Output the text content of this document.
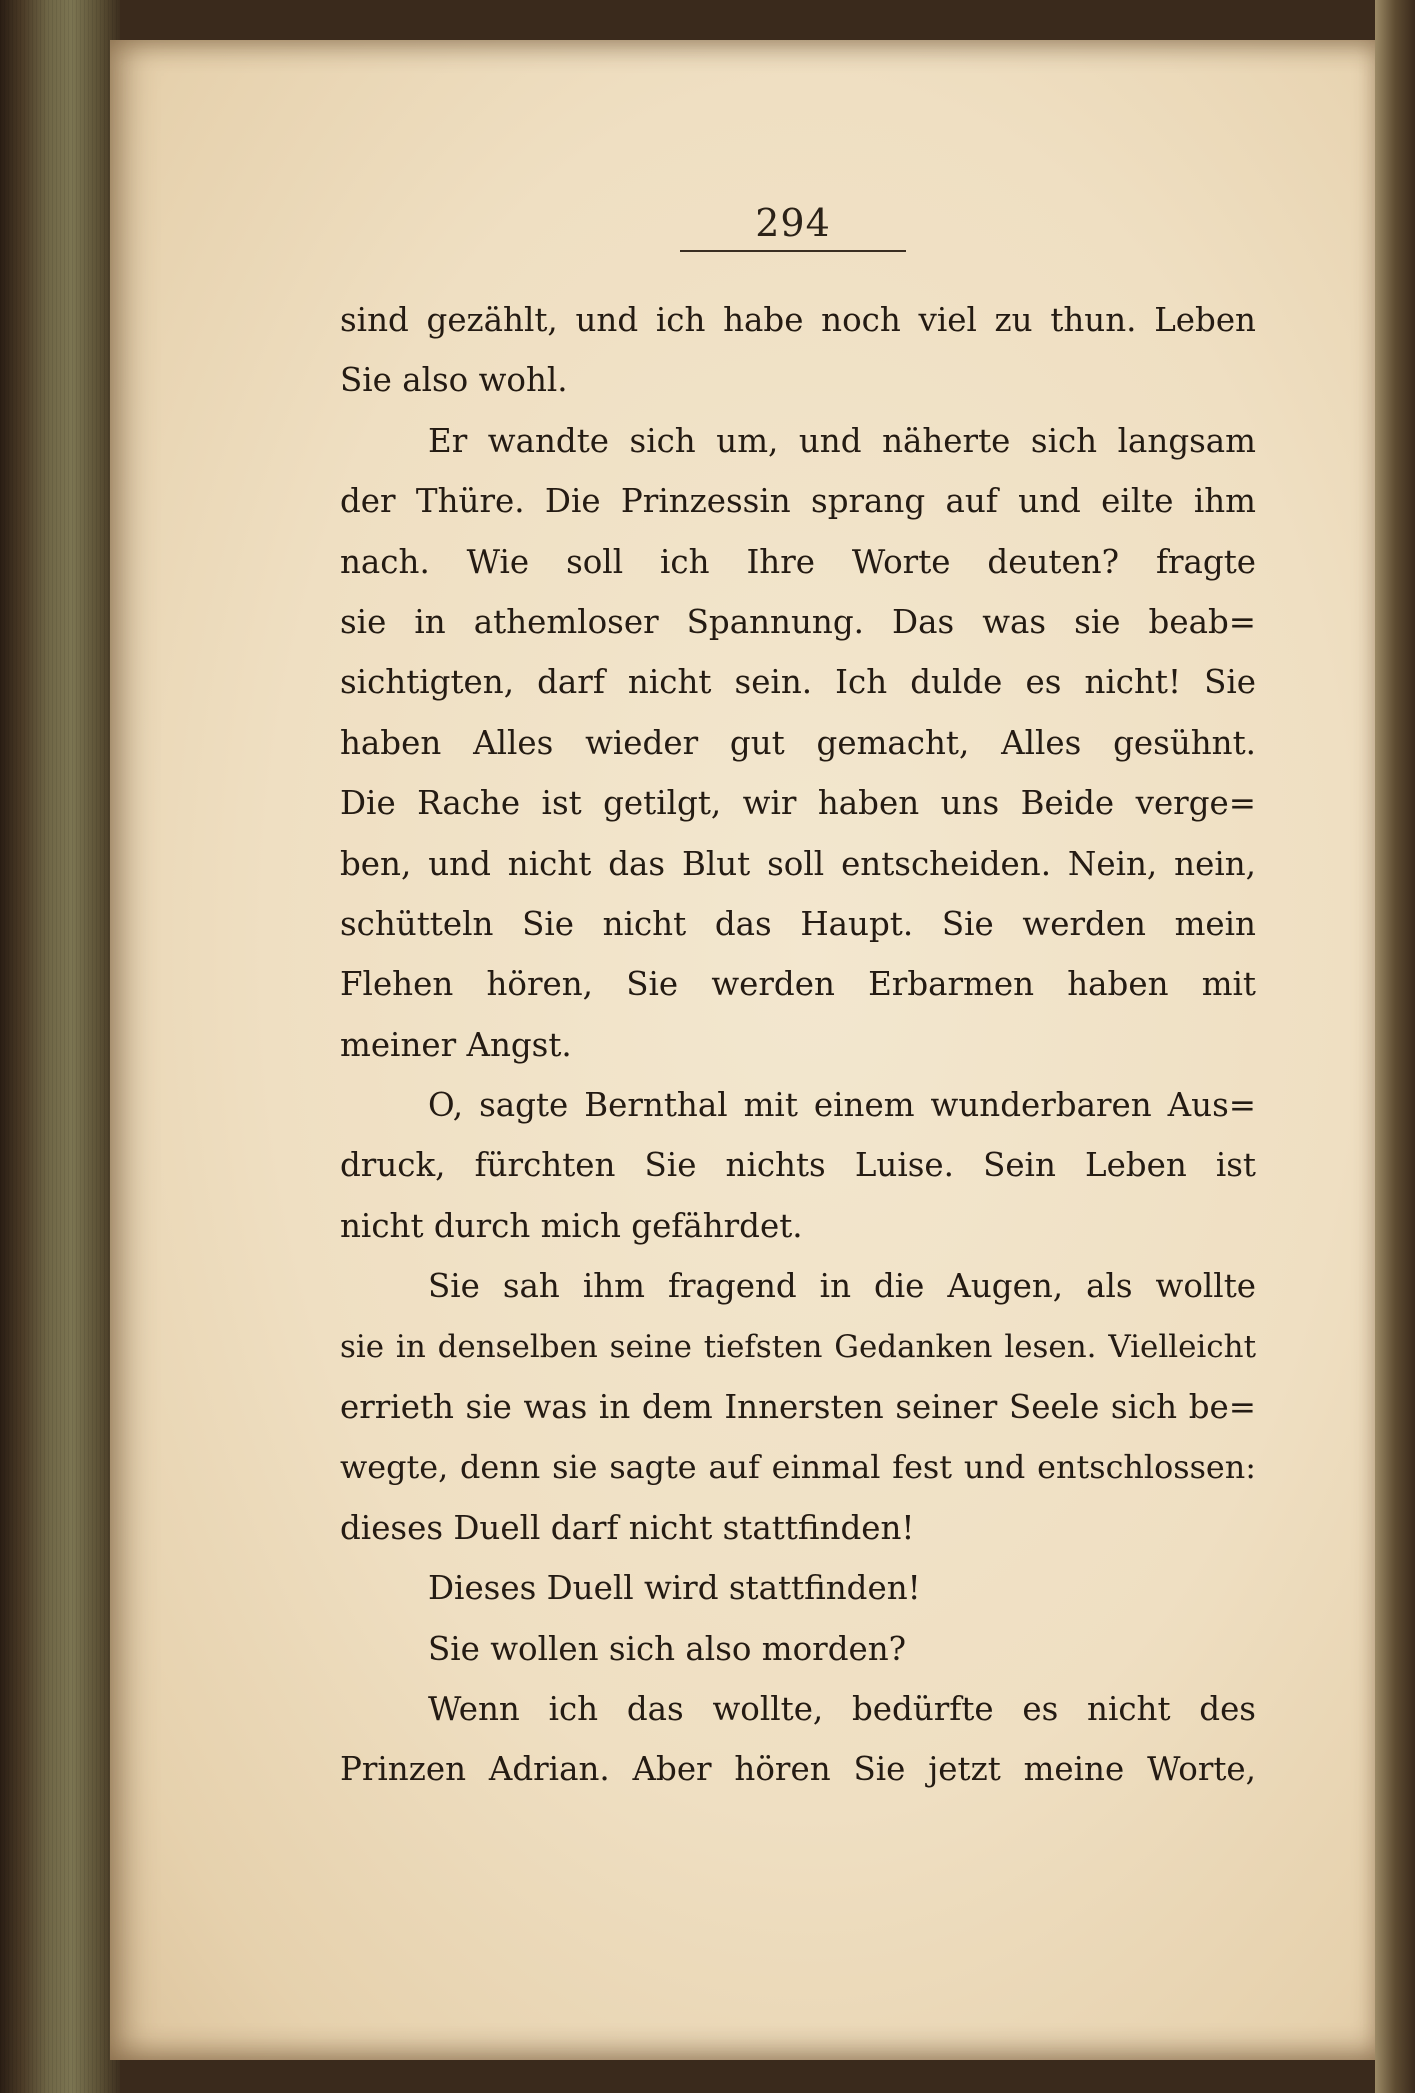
294
sind gezählt, und ich habe noch viel zu thun. Leben
Sie also wohl.
Er wandte sich um, und näherte sich langsam
der Thüre. Die Prinzessin sprang auf und eilte ihm
nach. Wie soll ich Ihre Worte deuten? fragte
sie in athemloser Spannung. Das was sie beab=
sichtigten, darf nicht sein. Ich dulde es nicht! Sie
haben Alles wieder gut gemacht, Alles gesühnt.
Die Rache ist getilgt, wir haben uns Beide verge=
ben, und nicht das Blut soll entscheiden. Nein, nein,
schütteln Sie nicht das Haupt. Sie werden mein
Flehen hören, Sie werden Erbarmen haben mit
meiner Angst.
O, sagte Bernthal mit einem wunderbaren Aus=
druck, fürchten Sie nichts Luise. Sein Leben ist
nicht durch mich gefährdet.
Sie sah ihm fragend in die Augen, als wollte
sie in denselben seine tiefsten Gedanken lesen. Vielleicht
errieth sie was in dem Innersten seiner Seele sich be=
wegte, denn sie sagte auf einmal fest und entschlossen:
dieses Duell darf nicht stattfinden!
Dieses Duell wird stattfinden!
Sie wollen sich also morden?
Wenn ich das wollte, bedürfte es nicht des
Prinzen Adrian. Aber hören Sie jetzt meine Worte,
